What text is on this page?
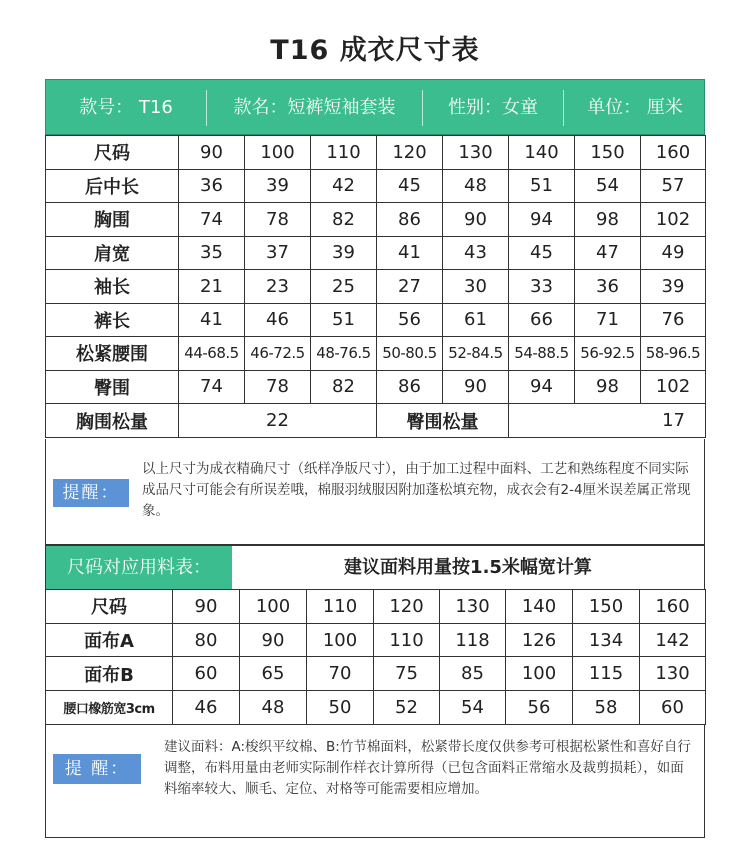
T16 成衣尺寸表
款号： T16	款名：短裤短袖套装	性别：女童	单位： 厘米
尺码	90	100	110	120	130	140	150	160
后中长	36	39	42	45	48	51	54	57
胸围	74	78	82	86	90	94	98	102
肩宽	35	37	39	41	43	45	47	49
袖长	21	23	25	27	30	33	36	39
裤长	41	46	51	56	61	66	71	76
松紧腰围	44-68.5	46-72.5	48-76.5	50-80.5	52-84.5	54-88.5	56-92.5	58-96.5
臀围	74	78	82	86	90	94	98	102
胸围松量	22			臀围松量		17		
提醒：
以上尺寸为成衣精确尺寸（纸样净版尺寸），由于加工过程中面料、工艺和熟练程度不同实际成品尺寸可能会有所误差哦，棉服羽绒服因附加蓬松填充物，成衣会有2-4厘米误差属正常现象。
尺码对应用料表：	建议面料用量按1.5米幅宽计算
尺码	90	100	110	120	130	140	150	160
面布A	80	90	100	110	118	126	134	142
面布B	60	65	70	75	85	100	115	130
腰口橡筋宽3cm	46	48	50	52	54	56	58	60
提 醒：
建议面料：A:梭织平纹棉、B:竹节棉面料，松紧带长度仅供参考可根据松紧性和喜好自行调整，布料用量由老师实际制作样衣计算所得（已包含面料正常缩水及裁剪损耗），如面料缩率较大、顺毛、定位、对格等可能需要相应增加。
